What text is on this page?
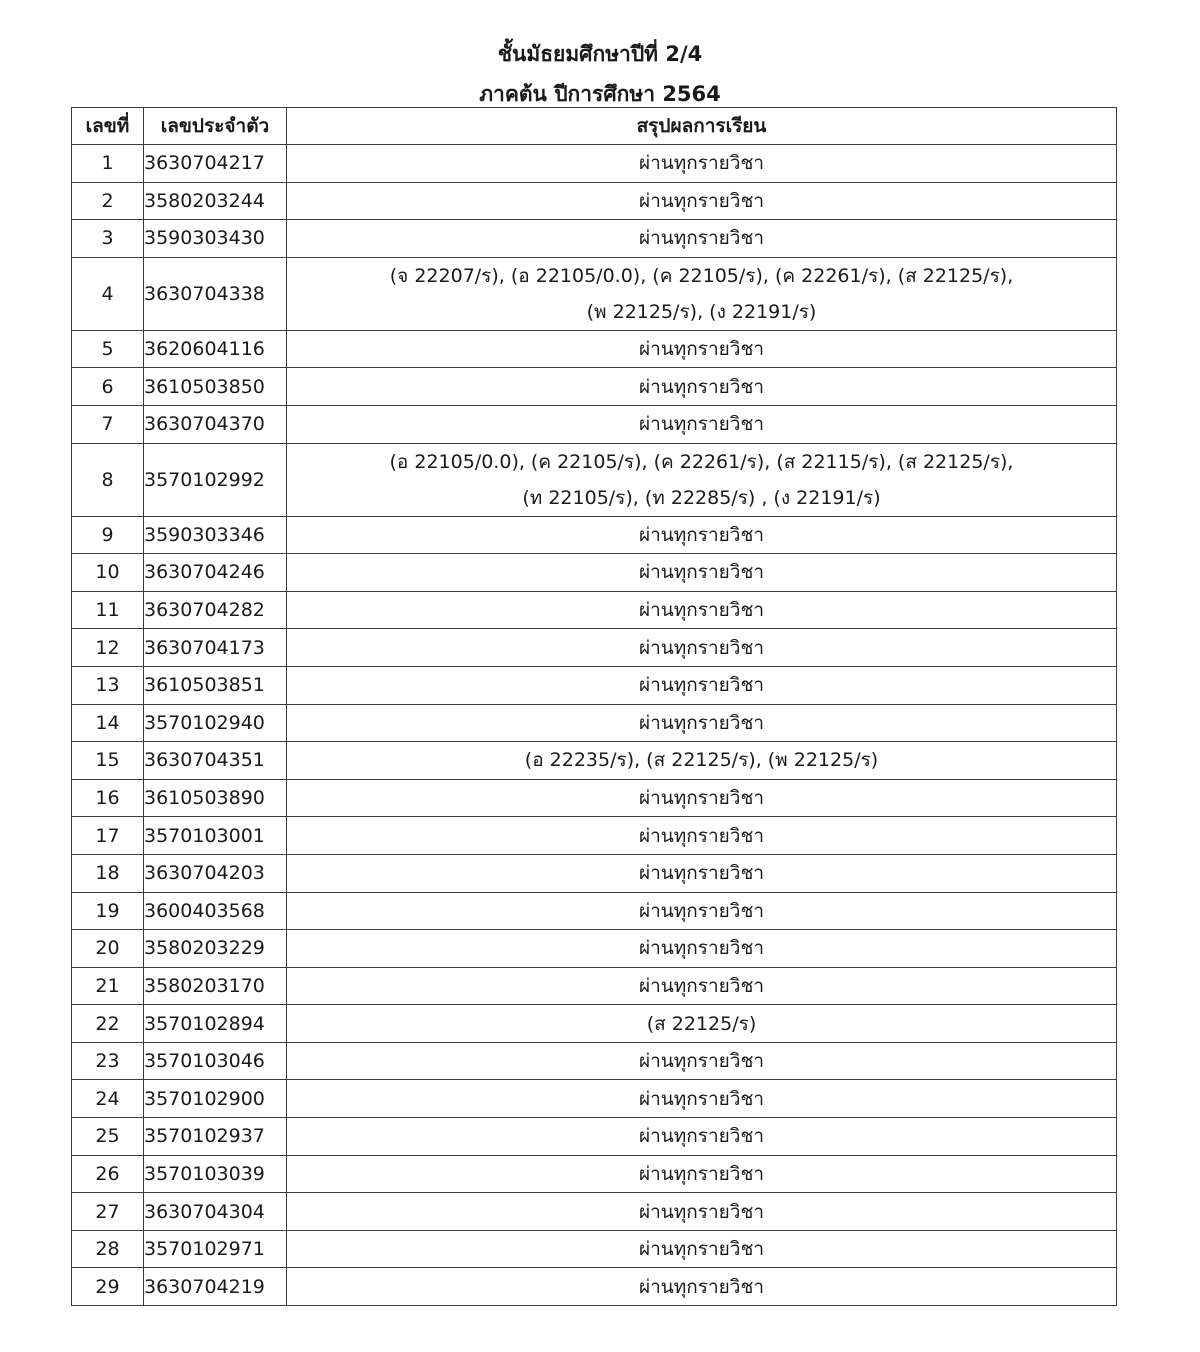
ชั้นมัธยมศึกษาปีที่ 2/4
ภาคต้น ปีการศึกษา 2564
เลขที่	เลขประจำตัว	สรุปผลการเรียน
1	3630704217	ผ่านทุกรายวิชา

2	3580203244	ผ่านทุกรายวิชา

3	3590303430	ผ่านทุกรายวิชา

4	3630704338	(จ 22207/ร), (อ 22105/0.0), (ค 22105/ร), (ค 22261/ร), (ส 22125/ร),
(พ 22125/ร), (ง 22191/ร)

5	3620604116	ผ่านทุกรายวิชา

6	3610503850	ผ่านทุกรายวิชา

7	3630704370	ผ่านทุกรายวิชา

8	3570102992	(อ 22105/0.0), (ค 22105/ร), (ค 22261/ร), (ส 22115/ร), (ส 22125/ร),
(ท 22105/ร), (ท 22285/ร) , (ง 22191/ร)

9	3590303346	ผ่านทุกรายวิชา

10	3630704246	ผ่านทุกรายวิชา

11	3630704282	ผ่านทุกรายวิชา

12	3630704173	ผ่านทุกรายวิชา

13	3610503851	ผ่านทุกรายวิชา

14	3570102940	ผ่านทุกรายวิชา

15	3630704351	(อ 22235/ร), (ส 22125/ร), (พ 22125/ร)

16	3610503890	ผ่านทุกรายวิชา

17	3570103001	ผ่านทุกรายวิชา

18	3630704203	ผ่านทุกรายวิชา

19	3600403568	ผ่านทุกรายวิชา

20	3580203229	ผ่านทุกรายวิชา

21	3580203170	ผ่านทุกรายวิชา

22	3570102894	(ส 22125/ร)

23	3570103046	ผ่านทุกรายวิชา

24	3570102900	ผ่านทุกรายวิชา

25	3570102937	ผ่านทุกรายวิชา

26	3570103039	ผ่านทุกรายวิชา

27	3630704304	ผ่านทุกรายวิชา

28	3570102971	ผ่านทุกรายวิชา

29	3630704219	ผ่านทุกรายวิชา
